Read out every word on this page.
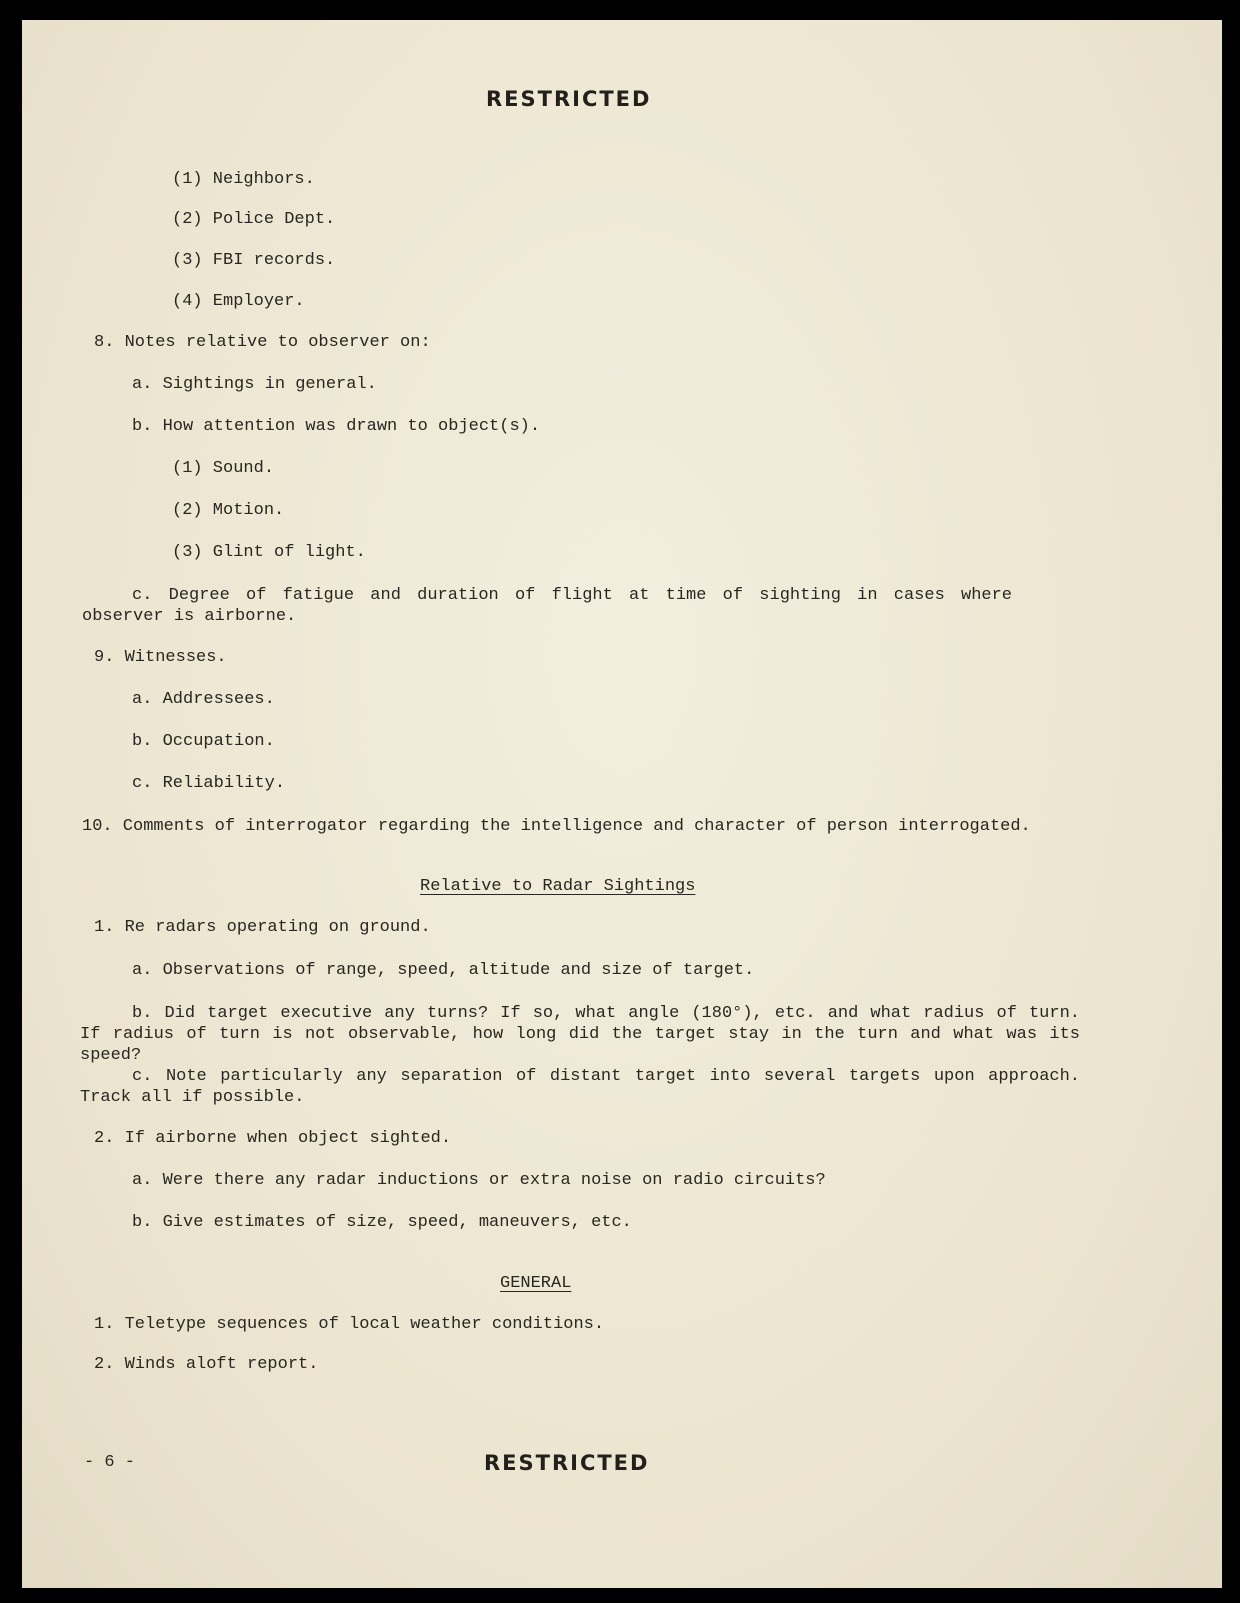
RESTRICTED
(1) Neighbors.
(2) Police Dept.
(3) FBI records.
(4) Employer.
8. Notes relative to observer on:
a. Sightings in general.
b. How attention was drawn to object(s).
(1) Sound.
(2) Motion.
(3) Glint of light.
c. Degree of fatigue and duration of flight at time of sighting in cases where observer is airborne.
9. Witnesses.
a. Addressees.
b. Occupation.
c. Reliability.
10. Comments of interrogator regarding the intelligence and character of person interrogated.
Relative to Radar Sightings
1. Re radars operating on ground.
a. Observations of range, speed, altitude and size of target.
b. Did target executive any turns? If so, what angle (180°), etc. and what radius of turn. If radius of turn is not observable, how long did the target stay in the turn and what was its speed?
c. Note particularly any separation of distant target into several targets upon approach. Track all if possible.
2. If airborne when object sighted.
a. Were there any radar inductions or extra noise on radio circuits?
b. Give estimates of size, speed, maneuvers, etc.
GENERAL
1. Teletype sequences of local weather conditions.
2. Winds aloft report.
- 6 -	RESTRICTED
